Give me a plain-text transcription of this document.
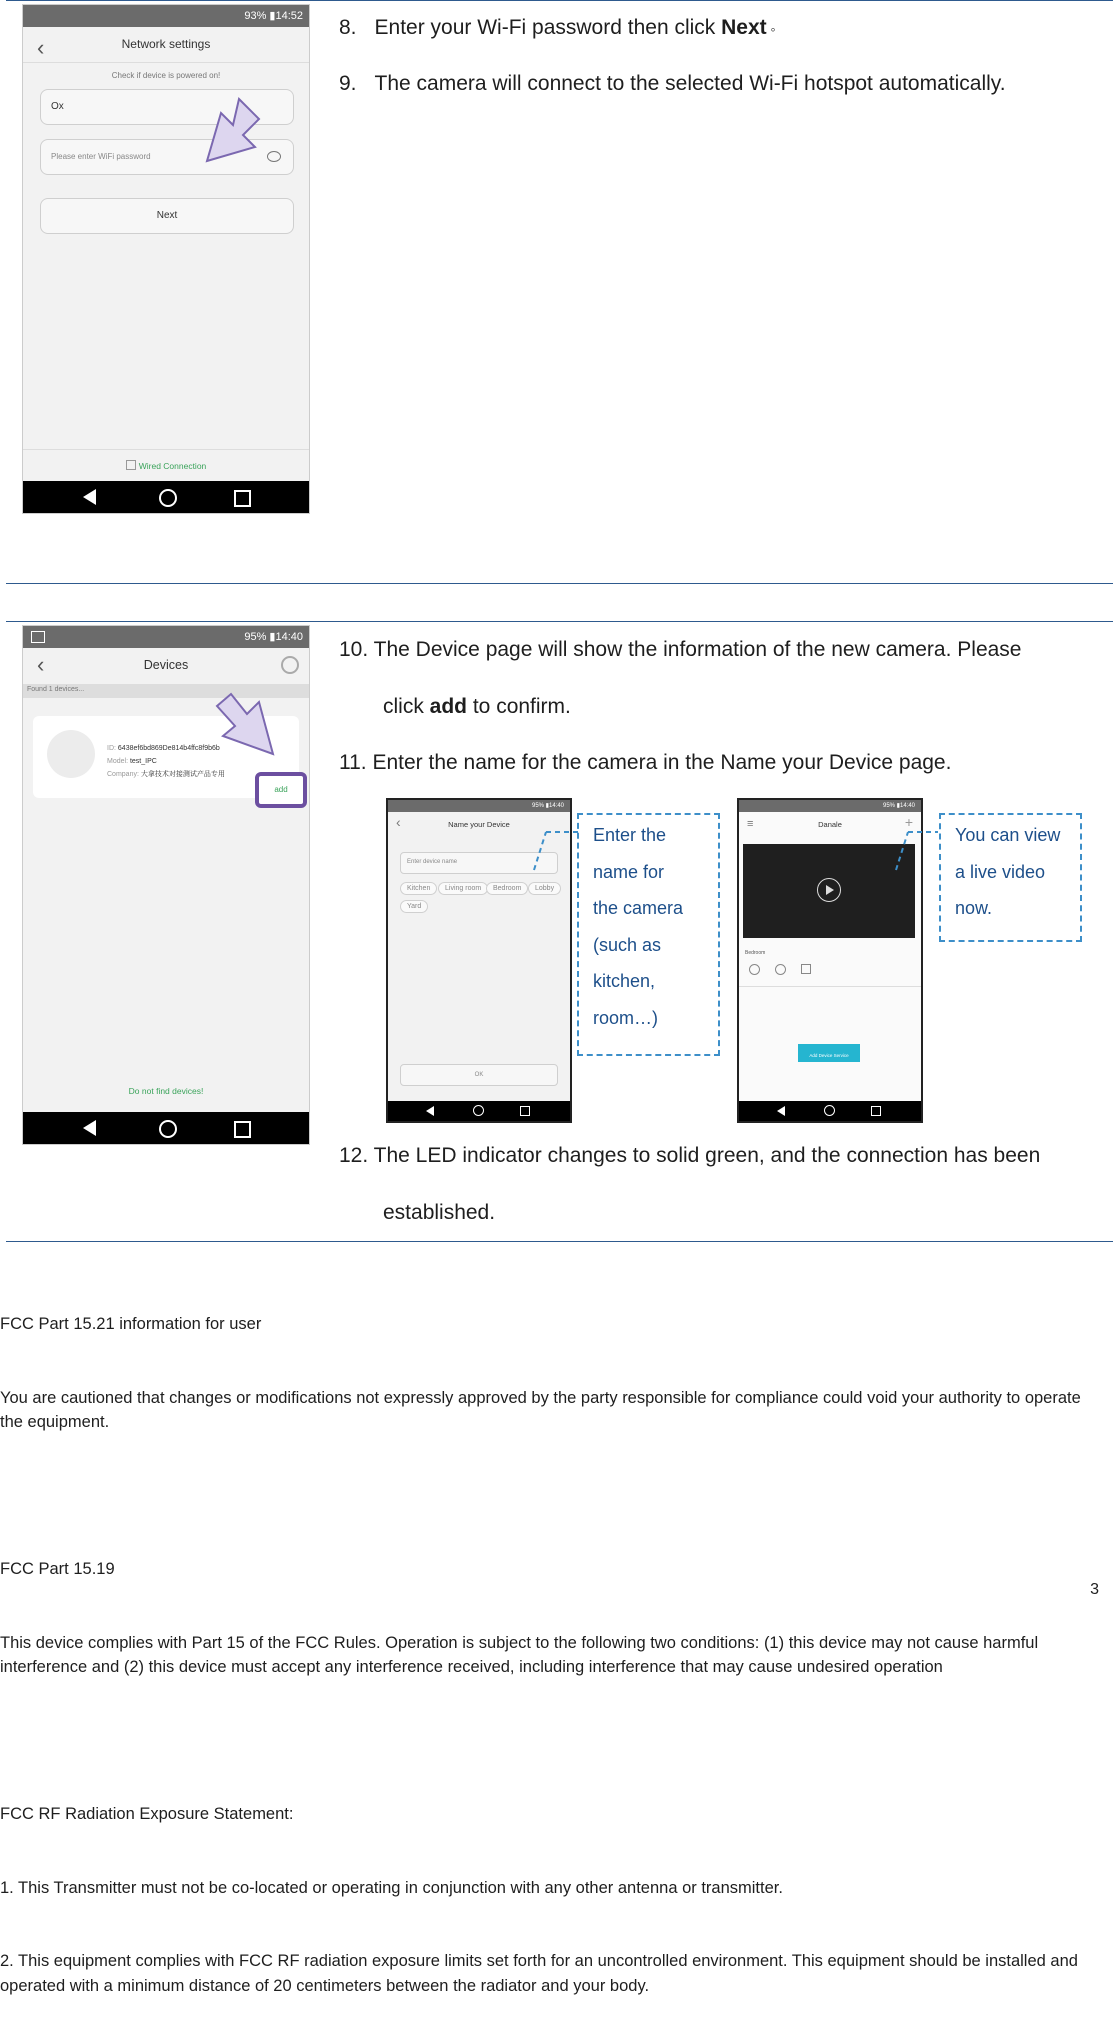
93% ▮14:52
‹	Network settings
Check if device is powered on!
Ox
Please enter WiFi password
Next
Wired Connection
8. Enter your Wi-Fi password then click Next ◦
9. The camera will connect to the selected Wi-Fi hotspot automatically.
95% ▮14:40
‹	Devices
Found 1 devices...
ID: 6438ef6bd869De814b4ffc8f9b6b
Model: test_IPC
Company: 大拿技术对接测试产品专用
add
Do not find devices!
10. The Device page will show the information of the new camera. Please
click add to confirm.
11. Enter the name for the camera in the Name your Device page.
95% ▮14:40
‹	Name your Device
Enter device name
Kitchen	Living room	Bedroom	Lobby
Yard
OK
Enter the
name for
the camera
(such as
kitchen,
room…)
95% ▮14:40
≡	Danale	+
Bedroom
Add Device Service
You can view
a live video
now.
12. The LED indicator changes to solid green, and the connection has been
established.

FCC Part 15.21 information for user

You are cautioned that changes or modifications not expressly approved by the party responsible for compliance could void your authority to operate the equipment.

FCC Part 15.19

This device complies with Part 15 of the FCC Rules. Operation is subject to the following two conditions: (1) this device may not cause harmful interference and (2) this device must accept any interference received, including interference that may cause undesired operation

FCC RF Radiation Exposure Statement:

1. This Transmitter must not be co-located or operating in conjunction with any other antenna or transmitter.

2. This equipment complies with FCC RF radiation exposure limits set forth for an uncontrolled environment. This equipment should be installed and operated with a minimum distance of 20 centimeters between the radiator and your body.

3
